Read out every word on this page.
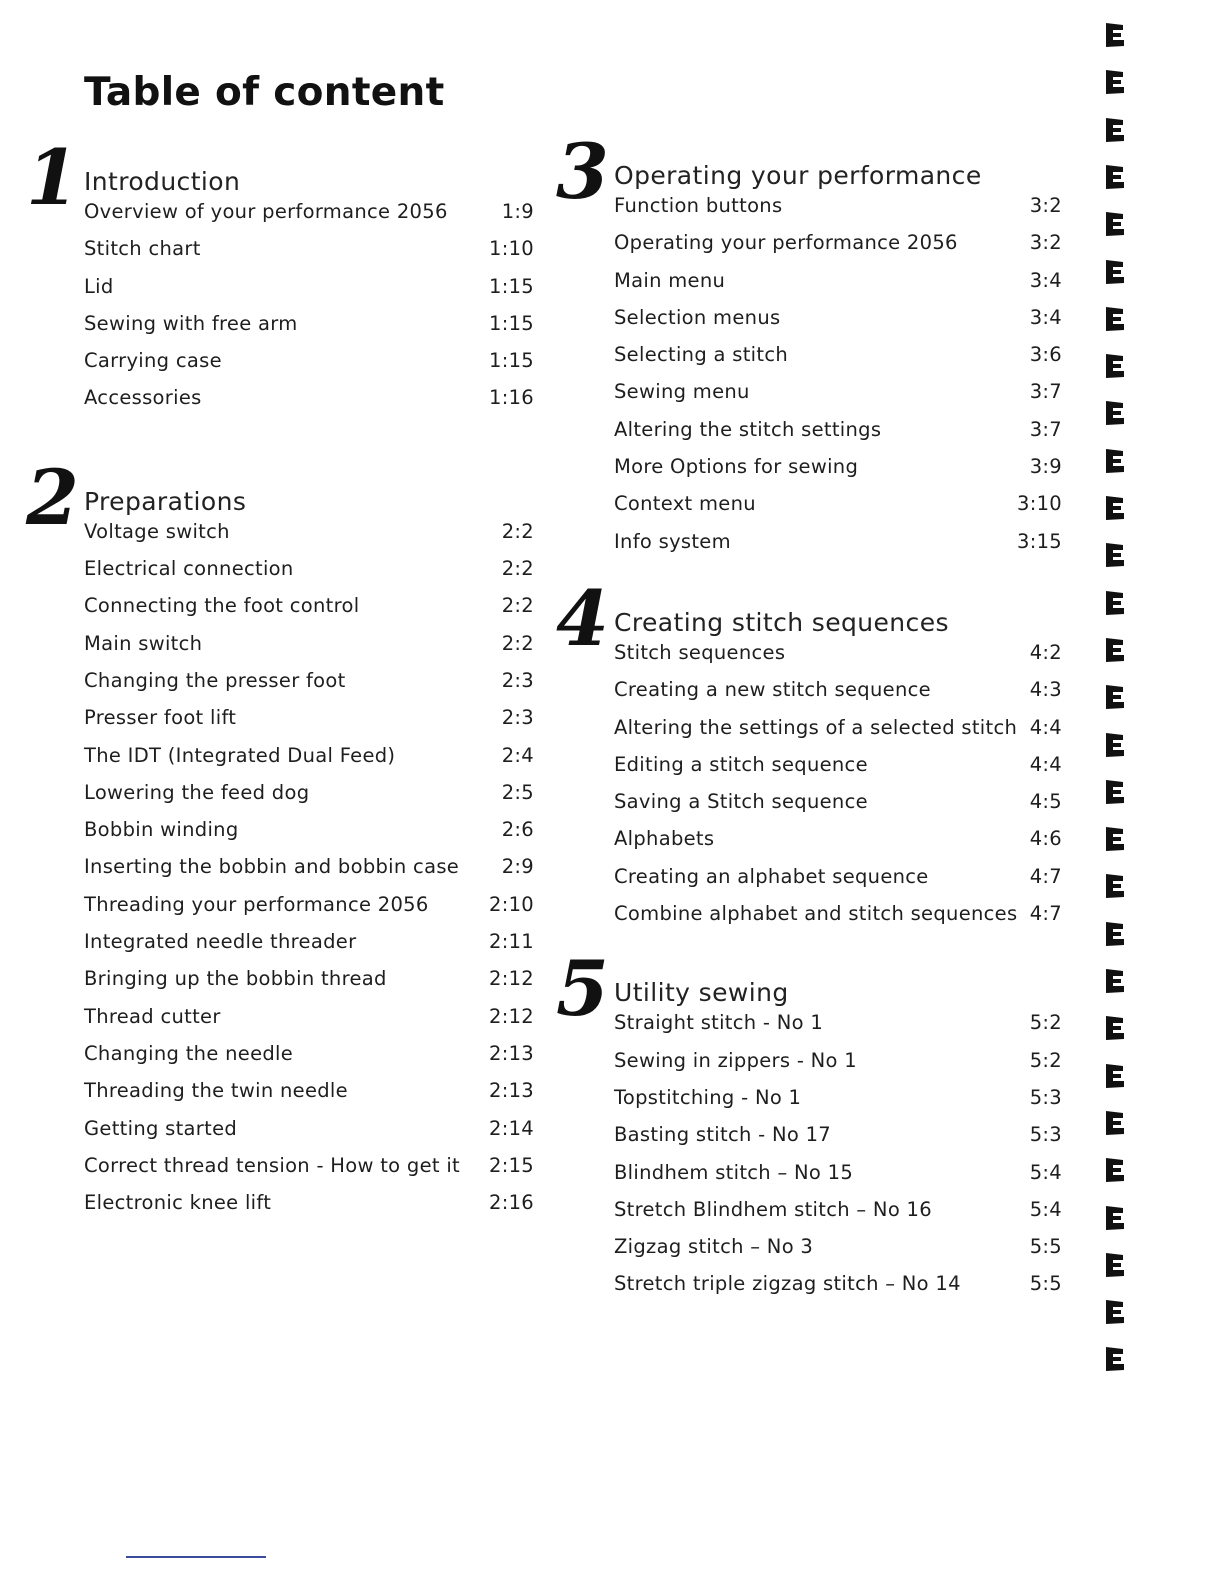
Table of content
1 Introduction
Overview of your performance 2056	1:9
Stitch chart	1:10
Lid	1:15
Sewing with free arm	1:15
Carrying case	1:15
Accessories	1:16
2 Preparations
Voltage switch	2:2
Electrical connection	2:2
Connecting the foot control	2:2
Main switch	2:2
Changing the presser foot	2:3
Presser foot lift	2:3
The IDT (Integrated Dual Feed)	2:4
Lowering the feed dog	2:5
Bobbin winding	2:6
Inserting the bobbin and bobbin case	2:9
Threading your performance 2056	2:10
Integrated needle threader	2:11
Bringing up the bobbin thread	2:12
Thread cutter	2:12
Changing the needle	2:13
Threading the twin needle	2:13
Getting started	2:14
Correct thread tension - How to get it 2:15
Electronic knee lift	2:16
3 Operating your performance
Function buttons	3:2
Operating your performance 2056	3:2
Main menu	3:4
Selection menus	3:4
Selecting a stitch	3:6
Sewing menu	3:7
Altering the stitch settings	3:7
More Options for sewing	3:9
Context menu	3:10
Info system	3:15
4 Creating stitch sequences
Stitch sequences	4:2
Creating a new stitch sequence	4:3
Altering the settings of a selected stitch 4:4
Editing a stitch sequence	4:4
Saving a Stitch sequence	4:5
Alphabets	4:6
Creating an alphabet sequence	4:7
Combine alphabet and stitch sequences 4:7
5 Utility sewing
Straight stitch - No 1	5:2
Sewing in zippers - No 1	5:2
Topstitching - No 1	5:3
Basting stitch - No 17	5:3
Blindhem stitch – No 15	5:4
Stretch Blindhem stitch – No 16	5:4
Zigzag stitch – No 3	5:5
Stretch triple zigzag stitch – No 14	5:5
